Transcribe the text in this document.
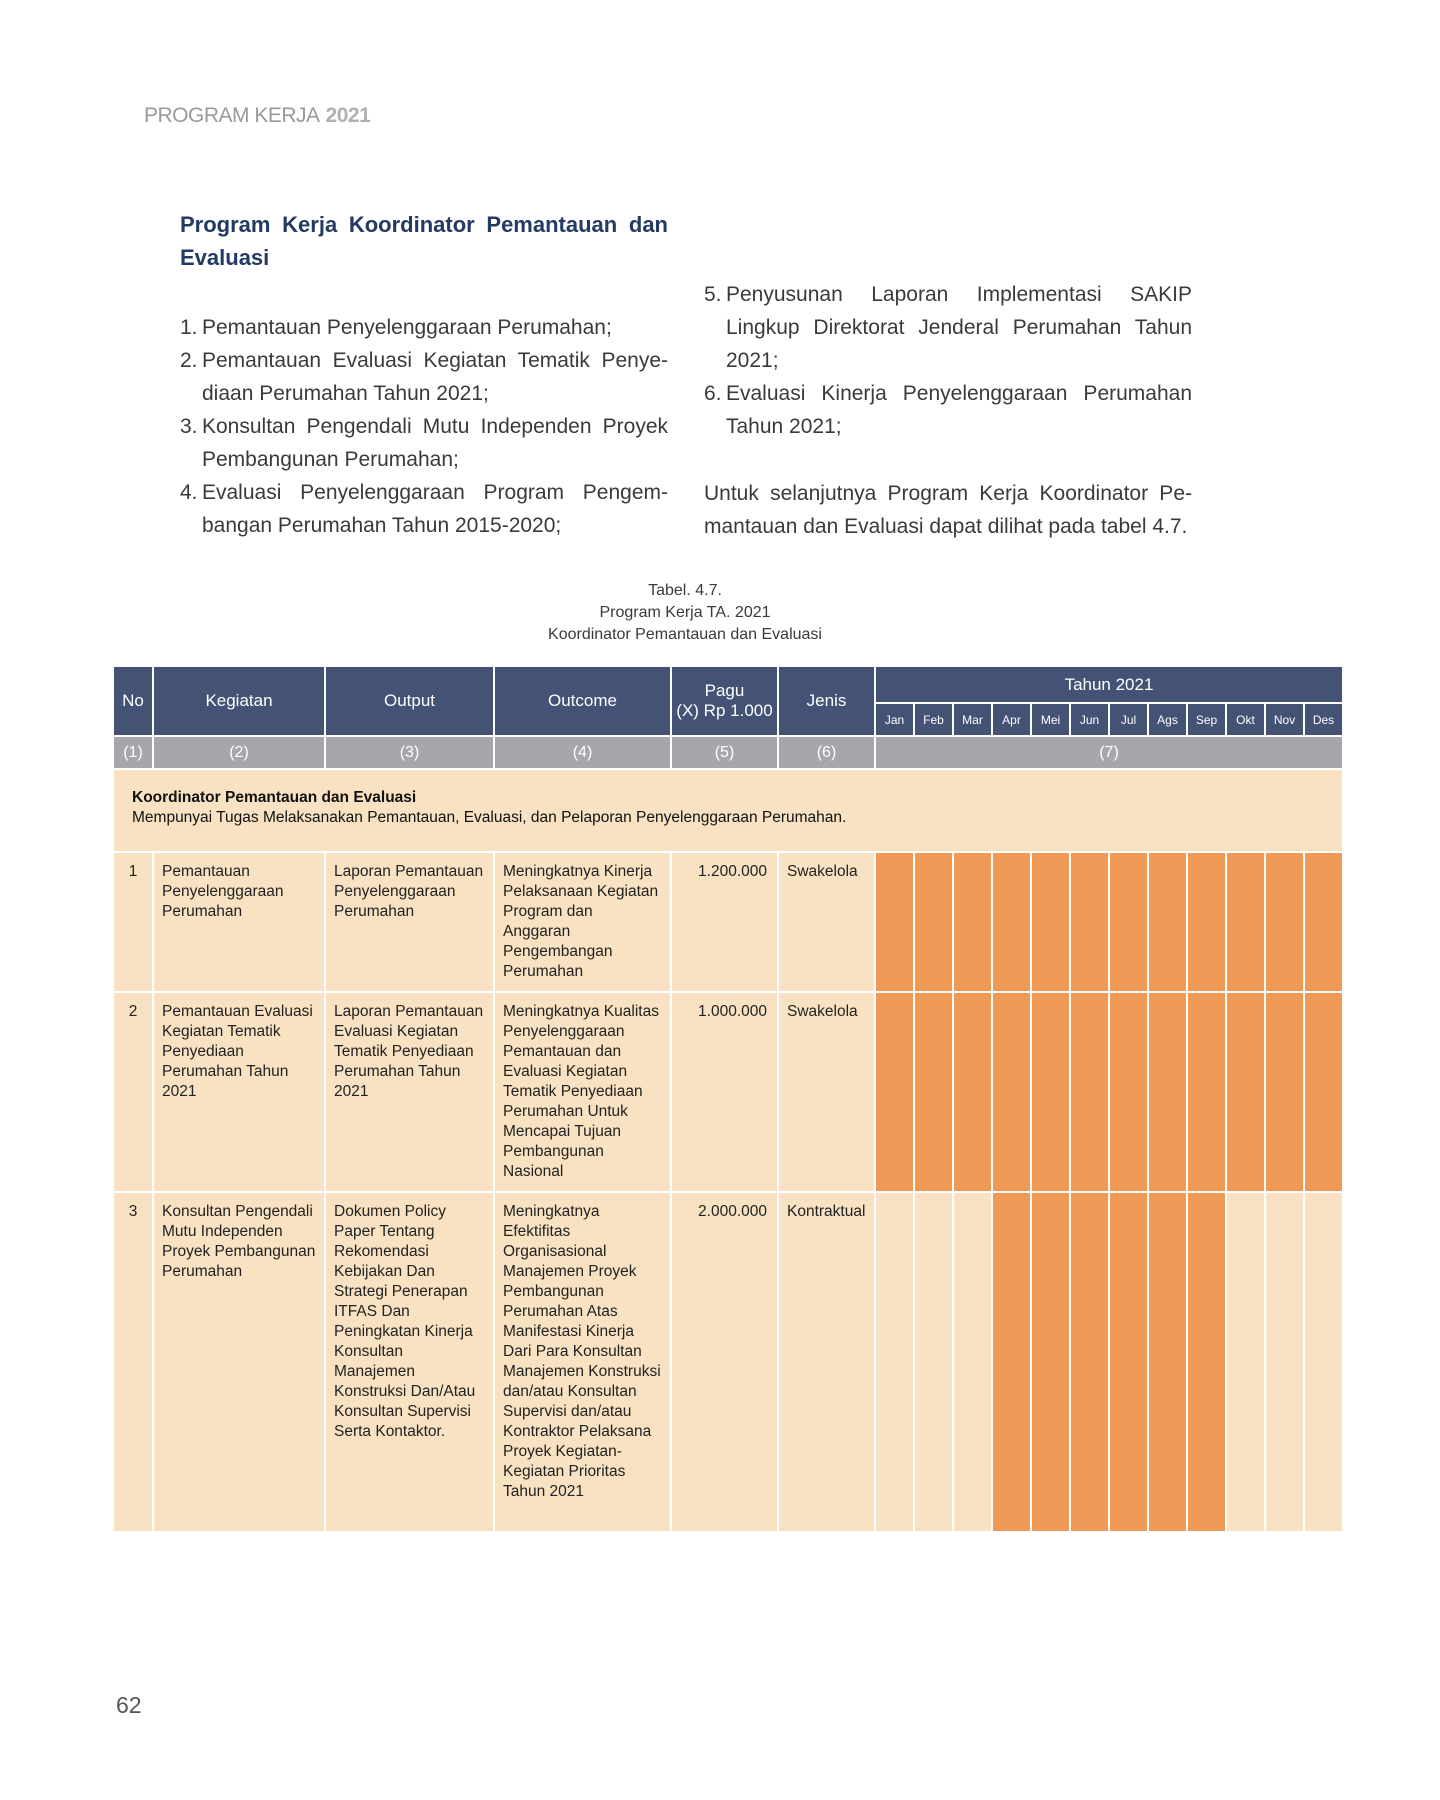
PROGRAM KERJA 2021
Program Kerja Koordinator Pemantauan dan Evaluasi
1. Pemantauan Penyelenggaraan Perumahan;
2. Pemantauan Evaluasi Kegiatan Tematik Penye-diaan Perumahan Tahun 2021;
3. Konsultan Pengendali Mutu Independen Proyek Pembangunan Perumahan;
4. Evaluasi Penyelenggaraan Program Pengem-bangan Perumahan Tahun 2015-2020;
5. Penyusunan Laporan Implementasi SAKIP Lingkup Direktorat Jenderal Perumahan Tahun 2021;
6. Evaluasi Kinerja Penyelenggaraan Perumahan Tahun 2021;
Untuk selanjutnya Program Kerja Koordinator Pe-mantauan dan Evaluasi dapat dilihat pada tabel 4.7.
Tabel. 4.7.
Program Kerja TA. 2021
Koordinator Pemantauan dan Evaluasi
No	Kegiatan	Output	Outcome	Pagu
(X) Rp 1.000	Jenis	Tahun 2021											
						Jan	Feb	Mar	Apr	Mei	Jun	Jul	Ags	Sep	Okt	Nov	Des
(1)	(2)	(3)	(4)	(5)	(6)	(7)											

Koordinator Pemantauan dan Evaluasi
Mempunyai Tugas Melaksanakan Pemantauan, Evaluasi, dan Pelaporan Penyelenggaraan Perumahan.																	

1	Pemantauan Penyelenggaraan Perumahan	Laporan Pemantauan Penyelenggaraan Perumahan	Meningkatnya Kinerja Pelaksanaan Kegiatan Program dan Anggaran Pengembangan Perumahan	1.200.000	Swakelola												
2	Pemantauan Evaluasi Kegiatan Tematik Penyediaan Perumahan Tahun 2021	Laporan Pemantauan Evaluasi Kegiatan Tematik Penyediaan Perumahan Tahun 2021	Meningkatnya Kualitas Penyelenggaraan Pemantauan dan Evaluasi Kegiatan Tematik Penyediaan Perumahan Untuk Mencapai Tujuan Pembangunan Nasional	1.000.000	Swakelola												
3	Konsultan Pengendali Mutu Independen Proyek Pembangunan Perumahan	Dokumen Policy Paper Tentang Rekomendasi Kebijakan Dan Strategi Penerapan ITFAS Dan Peningkatan Kinerja Konsultan Manajemen Konstruksi Dan/Atau Konsultan Supervisi Serta Kontaktor.	Meningkatnya Efektifitas Organisasional Manajemen Proyek Pembangunan Perumahan Atas Manifestasi Kinerja Dari Para Konsultan Manajemen Konstruksi dan/atau Konsultan Supervisi dan/atau Kontraktor Pelaksana Proyek Kegiatan-Kegiatan Prioritas Tahun 2021	2.000.000	Kontraktual												
62
